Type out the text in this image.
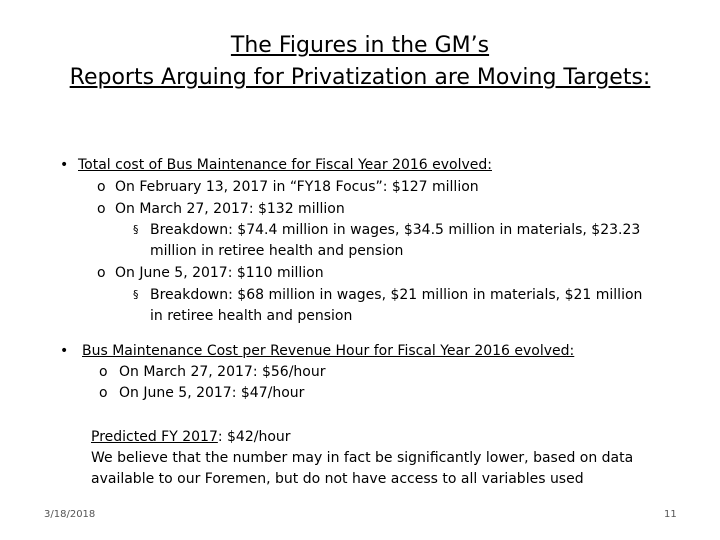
The Figures in the GM’s
Reports Arguing for Privatization are Moving Targets:
• Total cost of Bus Maintenance for Fiscal Year 2016 evolved:
o On February 13, 2017 in “FY18 Focus”: $127 million
o On March 27, 2017: $132 million
§ Breakdown: $74.4 million in wages, $34.5 million in materials, $23.23
million in retiree health and pension
o On June 5, 2017: $110 million
§ Breakdown: $68 million in wages, $21 million in materials, $21 million
in retiree health and pension
• Bus Maintenance Cost per Revenue Hour for Fiscal Year 2016 evolved:
o On March 27, 2017: $56/hour
o On June 5, 2017: $47/hour
Predicted FY 2017: $42/hour
We believe that the number may in fact be significantly lower, based on data
available to our Foremen, but do not have access to all variables used
3/18/2018	11
